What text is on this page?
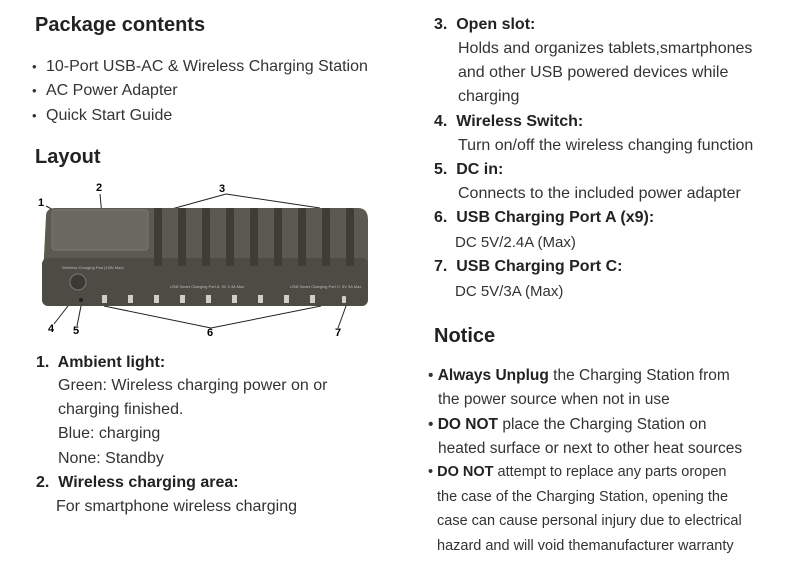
Package contents
• 10-Port USB-AC & Wireless Charging Station
• AC Power Adapter
• Quick Start Guide
Layout
1
2	3
4 5	6	7
Wireless Charging Pad (10W Max)
USB Smart Charging Port A: 5V 2.4A Max	USB Smart Charging Port C: 5V 3A Max
1. Ambient light:
Green: Wireless charging power on or
charging finished.
Blue: charging
None: Standby
2. Wireless charging area:
For smartphone wireless charging
3. Open slot:
Holds and organizes tablets,smartphones
and other USB powered devices while
charging
4. Wireless Switch:
Turn on/off the wireless changing function
5. DC in:
Connects to the included power adapter
6. USB Charging Port A (x9):
DC 5V/2.4A (Max)
7. USB Charging Port C:
DC 5V/3A (Max)
Notice
• Always Unplug the Charging Station from
the power source when not in use
• DO NOT place the Charging Station on
heated surface or next to other heat sources
• DO NOT attempt to replace any parts oropen
the case of the Charging Station, opening the
case can cause personal injury due to electrical
hazard and will void themanufacturer warranty
